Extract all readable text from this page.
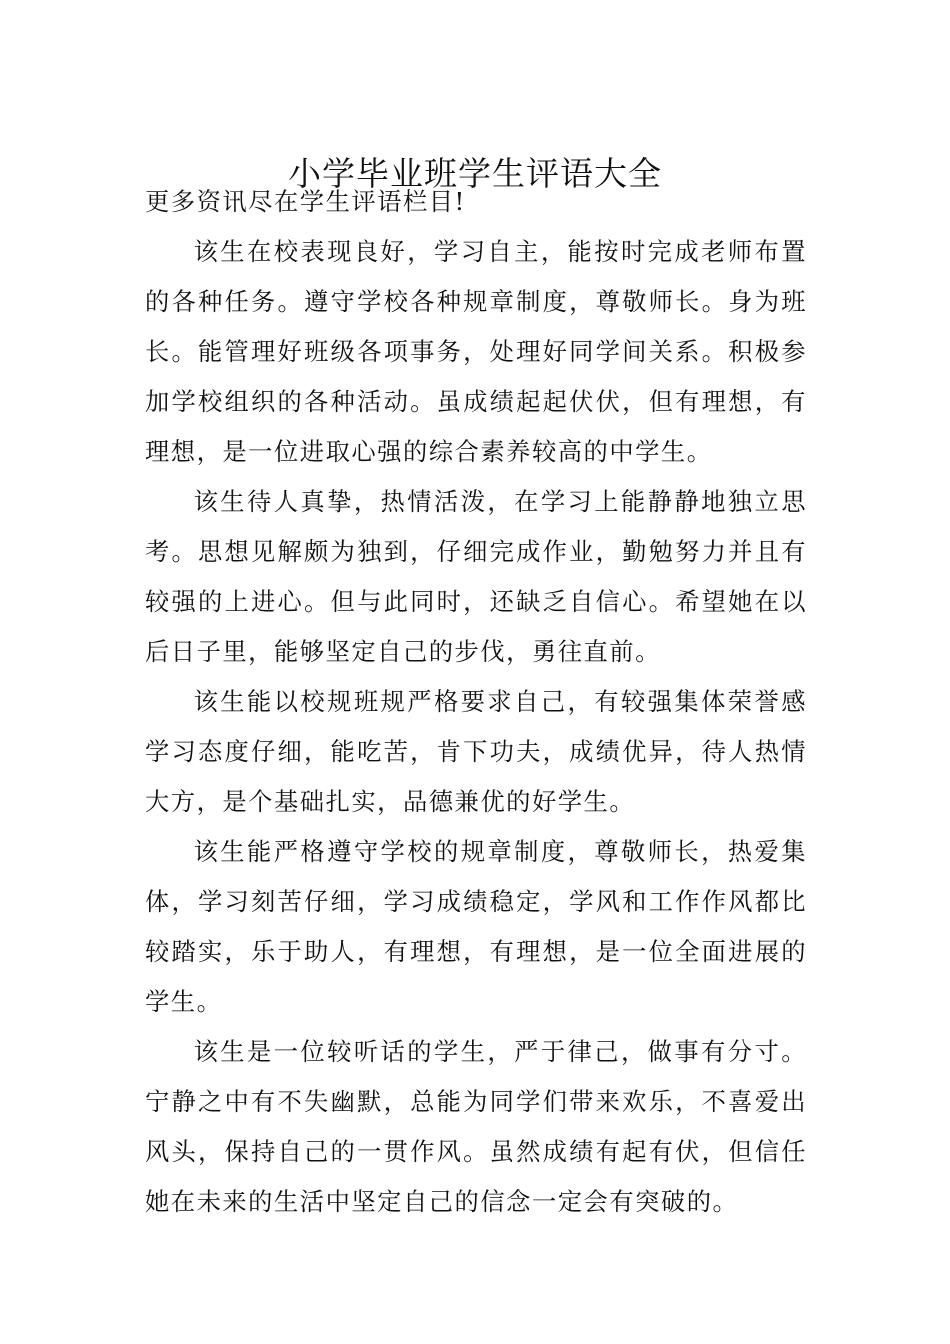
小学毕业班学生评语大全

更多资讯尽在学生评语栏目!

该生在校表现良好，学习自主，能按时完成老师布置的各种任务。遵守学校各种规章制度，尊敬师长。身为班长。能管理好班级各项事务，处理好同学间关系。积极参加学校组织的各种活动。虽成绩起起伏伏，但有理想，有理想，是一位进取心强的综合素养较高的中学生。

该生待人真挚，热情活泼，在学习上能静静地独立思考。思想见解颇为独到，仔细完成作业，勤勉努力并且有较强的上进心。但与此同时，还缺乏自信心。希望她在以后日子里，能够坚定自己的步伐，勇往直前。

该生能以校规班规严格要求自己，有较强集体荣誉感学习态度仔细，能吃苦，肯下功夫，成绩优异，待人热情大方，是个基础扎实，品德兼优的好学生。

该生能严格遵守学校的规章制度，尊敬师长，热爱集体，学习刻苦仔细，学习成绩稳定，学风和工作作风都比较踏实，乐于助人，有理想，有理想，是一位全面进展的学生。

该生是一位较听话的学生，严于律己，做事有分寸。宁静之中有不失幽默，总能为同学们带来欢乐，不喜爱出风头，保持自己的一贯作风。虽然成绩有起有伏，但信任她在未来的生活中坚定自己的信念一定会有突破的。
